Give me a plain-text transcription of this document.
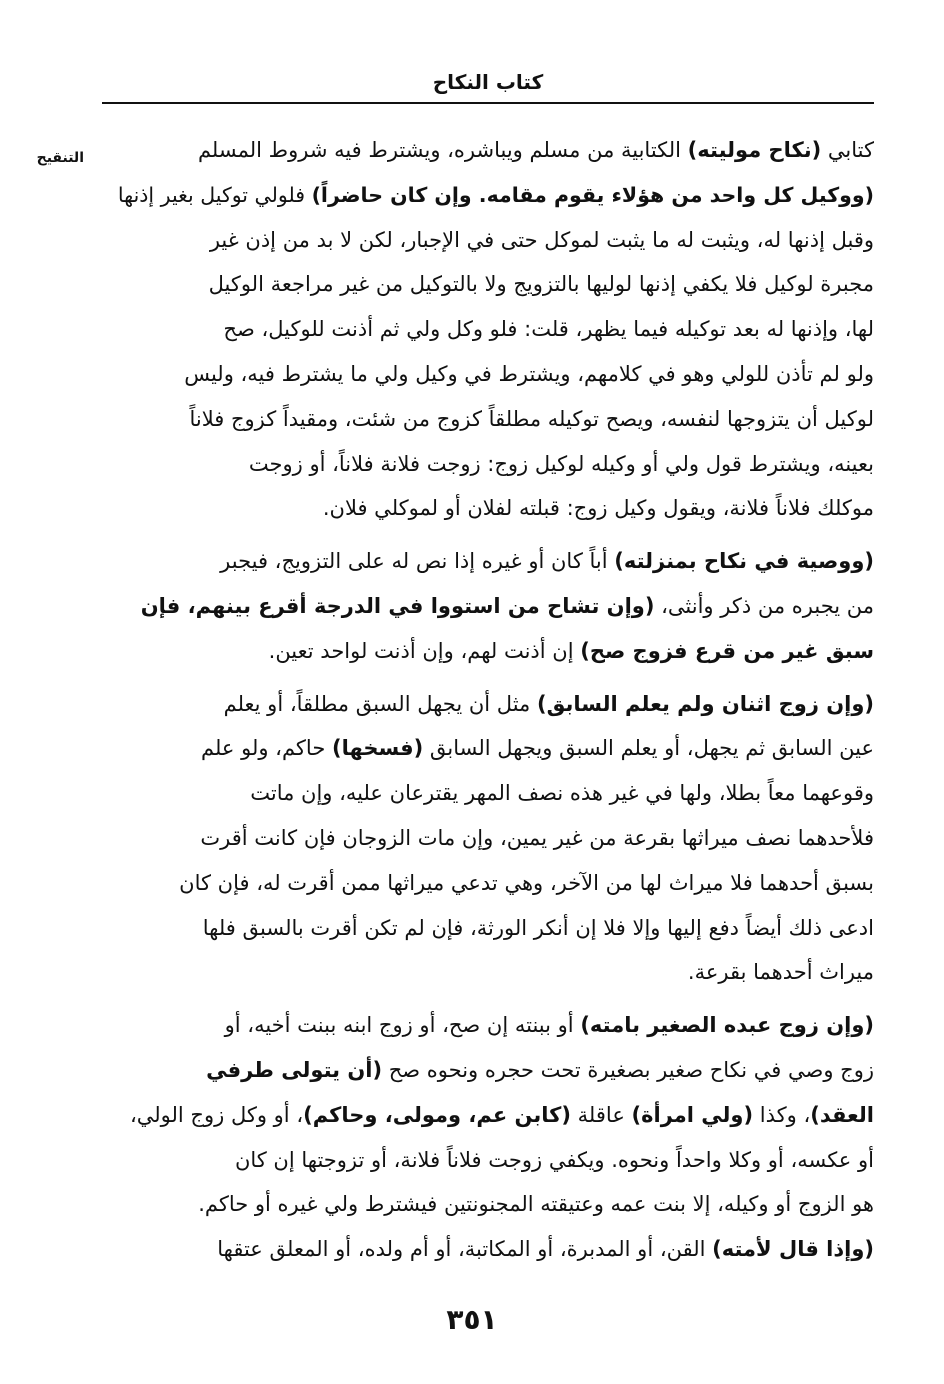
كتاب النكاح
التنقيح	كتابي (نكاح موليته) الكتابية من مسلم ويباشره، ويشترط فيه شروط المسلم
(ووكيل كل واحد من هؤلاء يقوم مقامه. وإن كان حاضراً) فلولي توكيل بغير إذنها
وقبل إذنها له، ويثبت له ما يثبت لموكل حتى في الإجبار، لكن لا بد من إذن غير
مجبرة لوكيل فلا يكفي إذنها لوليها بالتزويج ولا بالتوكيل من غير مراجعة الوكيل
لها، وإذنها له بعد توكيله فيما يظهر، قلت: فلو وكل ولي ثم أذنت للوكيل، صح
ولو لم تأذن للولي وهو في كلامهم، ويشترط في وكيل ولي ما يشترط فيه، وليس
لوكيل أن يتزوجها لنفسه، ويصح توكيله مطلقاً كزوج من شئت، ومقيداً كزوج فلاناً
بعينه، ويشترط قول ولي أو وكيله لوكيل زوج: زوجت فلانة فلاناً، أو زوجت
موكلك فلاناً فلانة، ويقول وكيل زوج: قبلته لفلان أو لموكلي فلان.
(ووصية في نكاح بمنزلته) أباً كان أو غيره إذا نص له على التزويج، فيجبر
من يجبره من ذكر وأنثى، (وإن تشاح من استووا في الدرجة أقرع بينهم، فإن
سبق غير من قرع فزوج صح) إن أذنت لهم، وإن أذنت لواحد تعين.
(وإن زوج اثنان ولم يعلم السابق) مثل أن يجهل السبق مطلقاً، أو يعلم
عين السابق ثم يجهل، أو يعلم السبق ويجهل السابق (فسخها) حاكم، ولو علم
وقوعهما معاً بطلا، ولها في غير هذه نصف المهر يقترعان عليه، وإن ماتت
فلأحدهما نصف ميراثها بقرعة من غير يمين، وإن مات الزوجان فإن كانت أقرت
بسبق أحدهما فلا ميراث لها من الآخر، وهي تدعي ميراثها ممن أقرت له، فإن كان
ادعى ذلك أيضاً دفع إليها وإلا فلا إن أنكر الورثة، فإن لم تكن أقرت بالسبق فلها
ميراث أحدهما بقرعة.
(وإن زوج عبده الصغير بامته) أو ببنته إن صح، أو زوج ابنه ببنت أخيه، أو
زوج وصي في نكاح صغير بصغيرة تحت حجره ونحوه صح (أن يتولى طرفي
العقد)، وكذا (ولي امرأة) عاقلة (كابن عم، ومولى، وحاكم)، أو وكل زوج الولي،
أو عكسه، أو وكلا واحداً ونحوه. ويكفي زوجت فلاناً فلانة، أو تزوجتها إن كان
هو الزوج أو وكيله، إلا بنت عمه وعتيقته المجنونتين فيشترط ولي غيره أو حاكم.
(وإذا قال لأمته) القن، أو المدبرة، أو المكاتبة، أو أم ولده، أو المعلق عتقها
٣٥١
